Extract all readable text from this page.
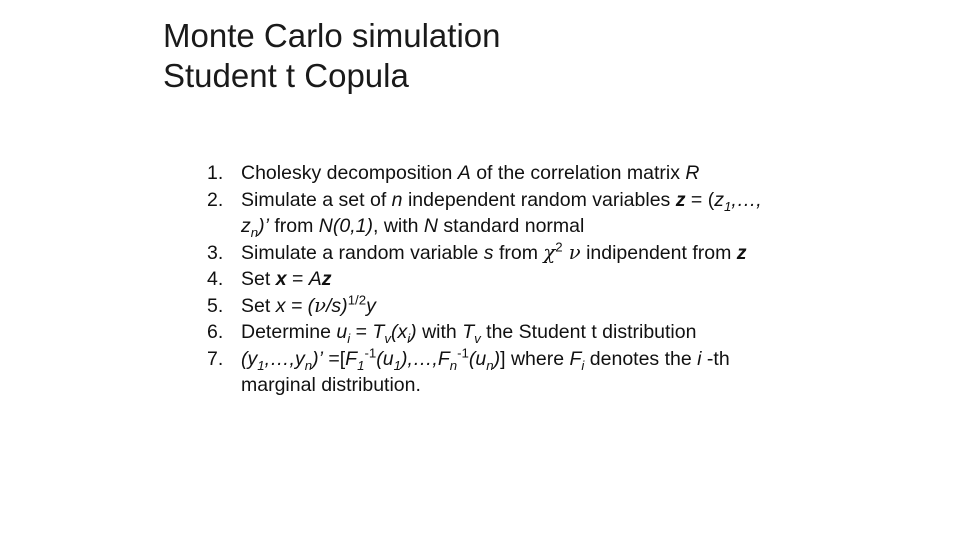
Monte Carlo simulation
Student t Copula
1. Cholesky decomposition A of the correlation matrix R
2. Simulate a set of n independent random variables $z = (z_1,\dots$, $z_n$)’ from N(0,1), with N standard normal
3. Simulate a random variable s from $\chi^2$ ν indipendent from z
4. Set x = Az
5. Set $x = (\nu/s)^{1/2}y$
6. Determine $u_i = T_v(x_i)$ with $T_v$ the Student t distribution
7. $(y_1,\dots,y_n)$’ $=[F_1^{-1}(u_1),\dots,F_n^{-1}(u_n)]$ where $F_i$ denotes the i -th marginal distribution.
